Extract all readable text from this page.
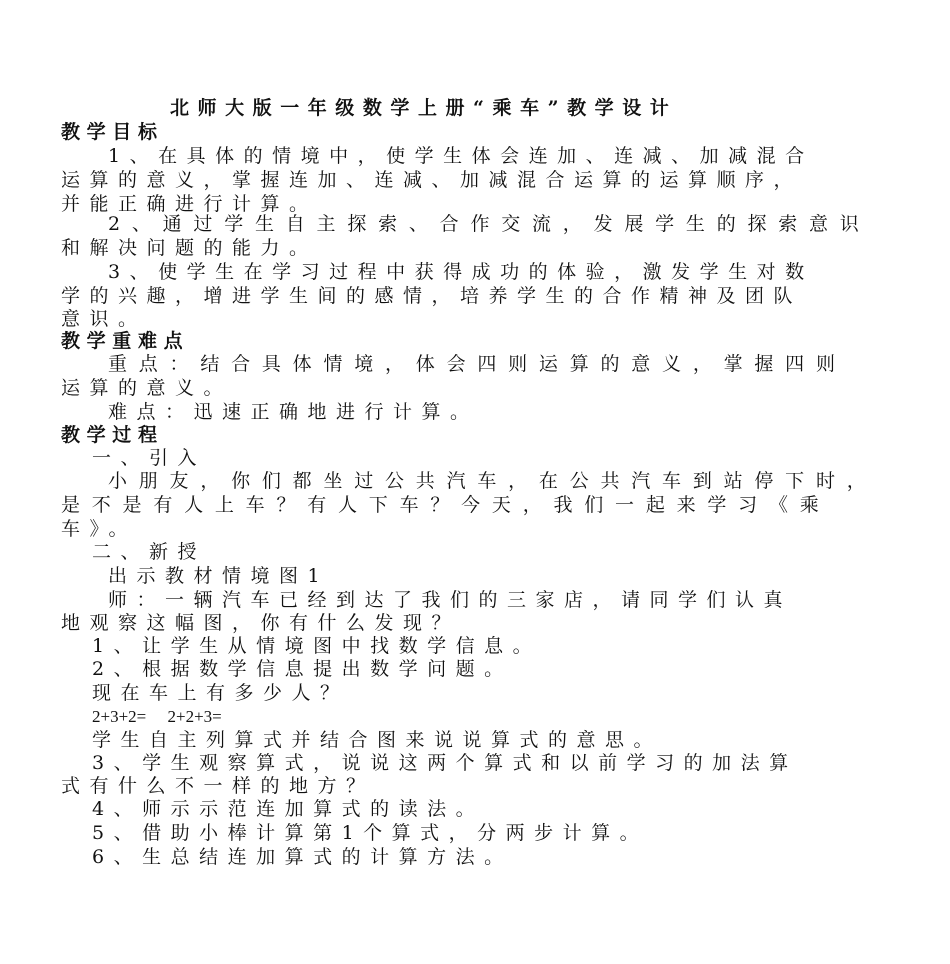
北师大版一年级数学上册“乘车”教学设计
教学目标
1、在具体的情境中，使学生体会连加、连减、加减混合
运算的意义，掌握连加、连减、加减混合运算的运算顺序，
并能正确进行计算。
2、通过学生自主探索、合作交流，发展学生的探索意识
和解决问题的能力。
3、使学生在学习过程中获得成功的体验，激发学生对数
学的兴趣，增进学生间的感情，培养学生的合作精神及团队
意识。
教学重难点
重点：结合具体情境，体会四则运算的意义，掌握四则
运算的意义。
难点：迅速正确地进行计算。
教学过程
一、引入
小朋友，你们都坐过公共汽车，在公共汽车到站停下时，
是不是有人上车？有人下车？今天，我们一起来学习《乘
车》。
二、新授
出示教材情境图1
师：一辆汽车已经到达了我们的三家店，请同学们认真
地观察这幅图，你有什么发现？
1、让学生从情境图中找数学信息。
2、根据数学信息提出数学问题。
现在车上有多少人？
2+3+2=     2+2+3=
学生自主列算式并结合图来说说算式的意思。
3、学生观察算式，说说这两个算式和以前学习的加法算
式有什么不一样的地方？
4、师示示范连加算式的读法。
5、借助小棒计算第1个算式，分两步计算。
6、生总结连加算式的计算方法。
